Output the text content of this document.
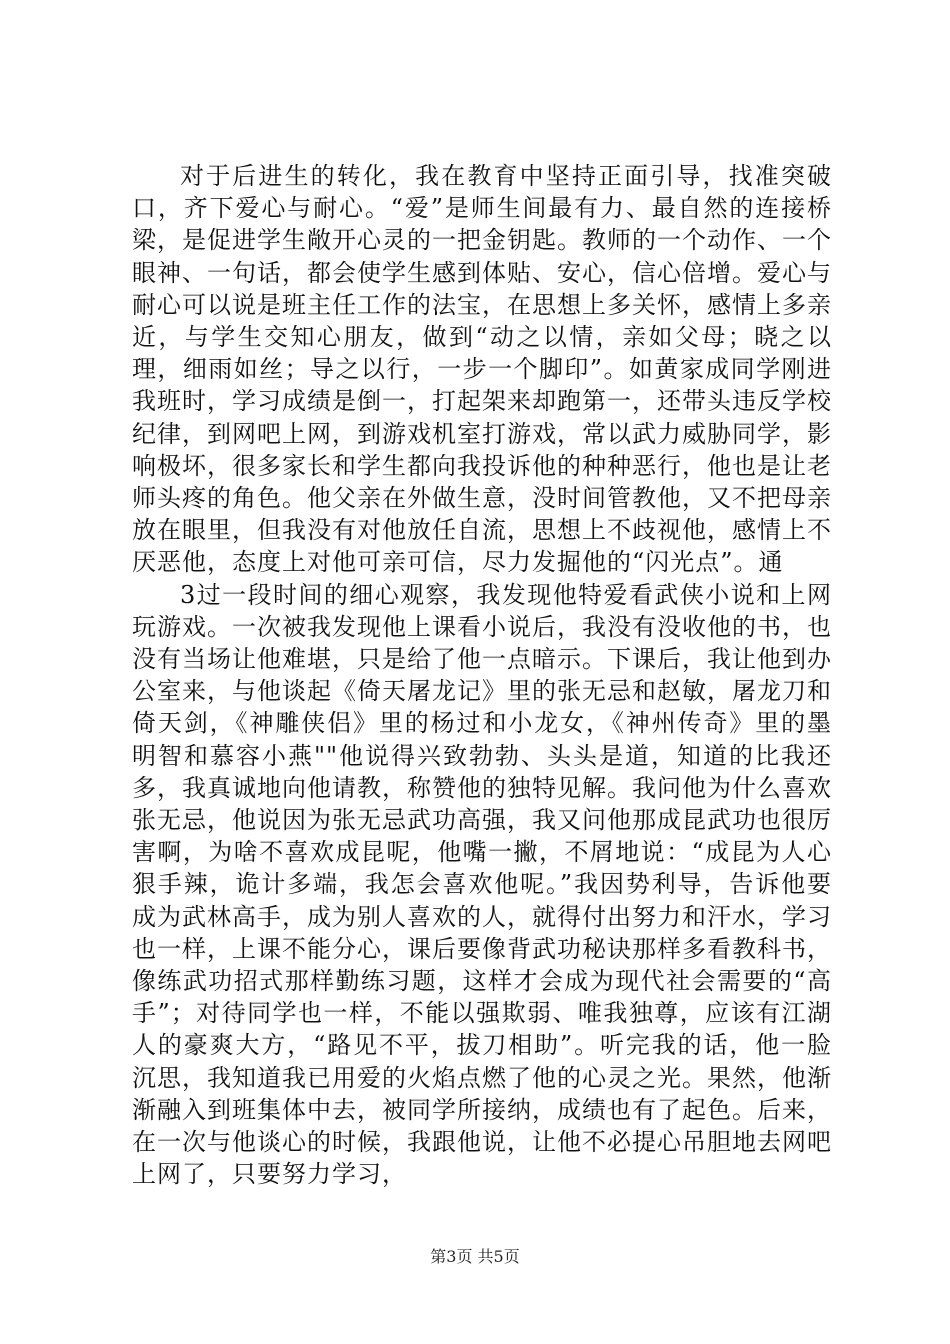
对于后进生的转化，我在教育中坚持正面引导，找准突破口，齐下爱心与耐心。“爱”是师生间最有力、最自然的连接桥梁，是促进学生敞开心灵的一把金钥匙。教师的一个动作、一个眼神、一句话，都会使学生感到体贴、安心，信心倍增。爱心与耐心可以说是班主任工作的法宝，在思想上多关怀，感情上多亲近，与学生交知心朋友，做到“动之以情，亲如父母；晓之以理，细雨如丝；导之以行，一步一个脚印”。如黄家成同学刚进我班时，学习成绩是倒一，打起架来却跑第一，还带头违反学校纪律，到网吧上网，到游戏机室打游戏，常以武力威胁同学，影响极坏，很多家长和学生都向我投诉他的种种恶行，他也是让老师头疼的角色。他父亲在外做生意，没时间管教他，又不把母亲放在眼里，但我没有对他放任自流，思想上不歧视他，感情上不厌恶他，态度上对他可亲可信，尽力发掘他的“闪光点”。通

3过一段时间的细心观察，我发现他特爱看武侠小说和上网玩游戏。一次被我发现他上课看小说后，我没有没收他的书，也没有当场让他难堪，只是给了他一点暗示。下课后，我让他到办公室来，与他谈起《倚天屠龙记》里的张无忌和赵敏，屠龙刀和倚天剑，《神雕侠侣》里的杨过和小龙女，《神州传奇》里的墨明智和慕容小燕""他说得兴致勃勃、头头是道，知道的比我还多，我真诚地向他请教，称赞他的独特见解。我问他为什么喜欢张无忌，他说因为张无忌武功高强，我又问他那成昆武功也很厉害啊，为啥不喜欢成昆呢，他嘴一撇，不屑地说：“成昆为人心狠手辣，诡计多端，我怎会喜欢他呢。”我因势利导，告诉他要成为武林高手，成为别人喜欢的人，就得付出努力和汗水，学习也一样，上课不能分心，课后要像背武功秘诀那样多看教科书，像练武功招式那样勤练习题，这样才会成为现代社会需要的“高手”；对待同学也一样，不能以强欺弱、唯我独尊，应该有江湖人的豪爽大方，“路见不平，拔刀相助”。听完我的话，他一脸沉思，我知道我已用爱的火焰点燃了他的心灵之光。果然，他渐渐融入到班集体中去，被同学所接纳，成绩也有了起色。后来，在一次与他谈心的时候，我跟他说，让他不必提心吊胆地去网吧上网了，只要努力学习，

第3页 共5页
